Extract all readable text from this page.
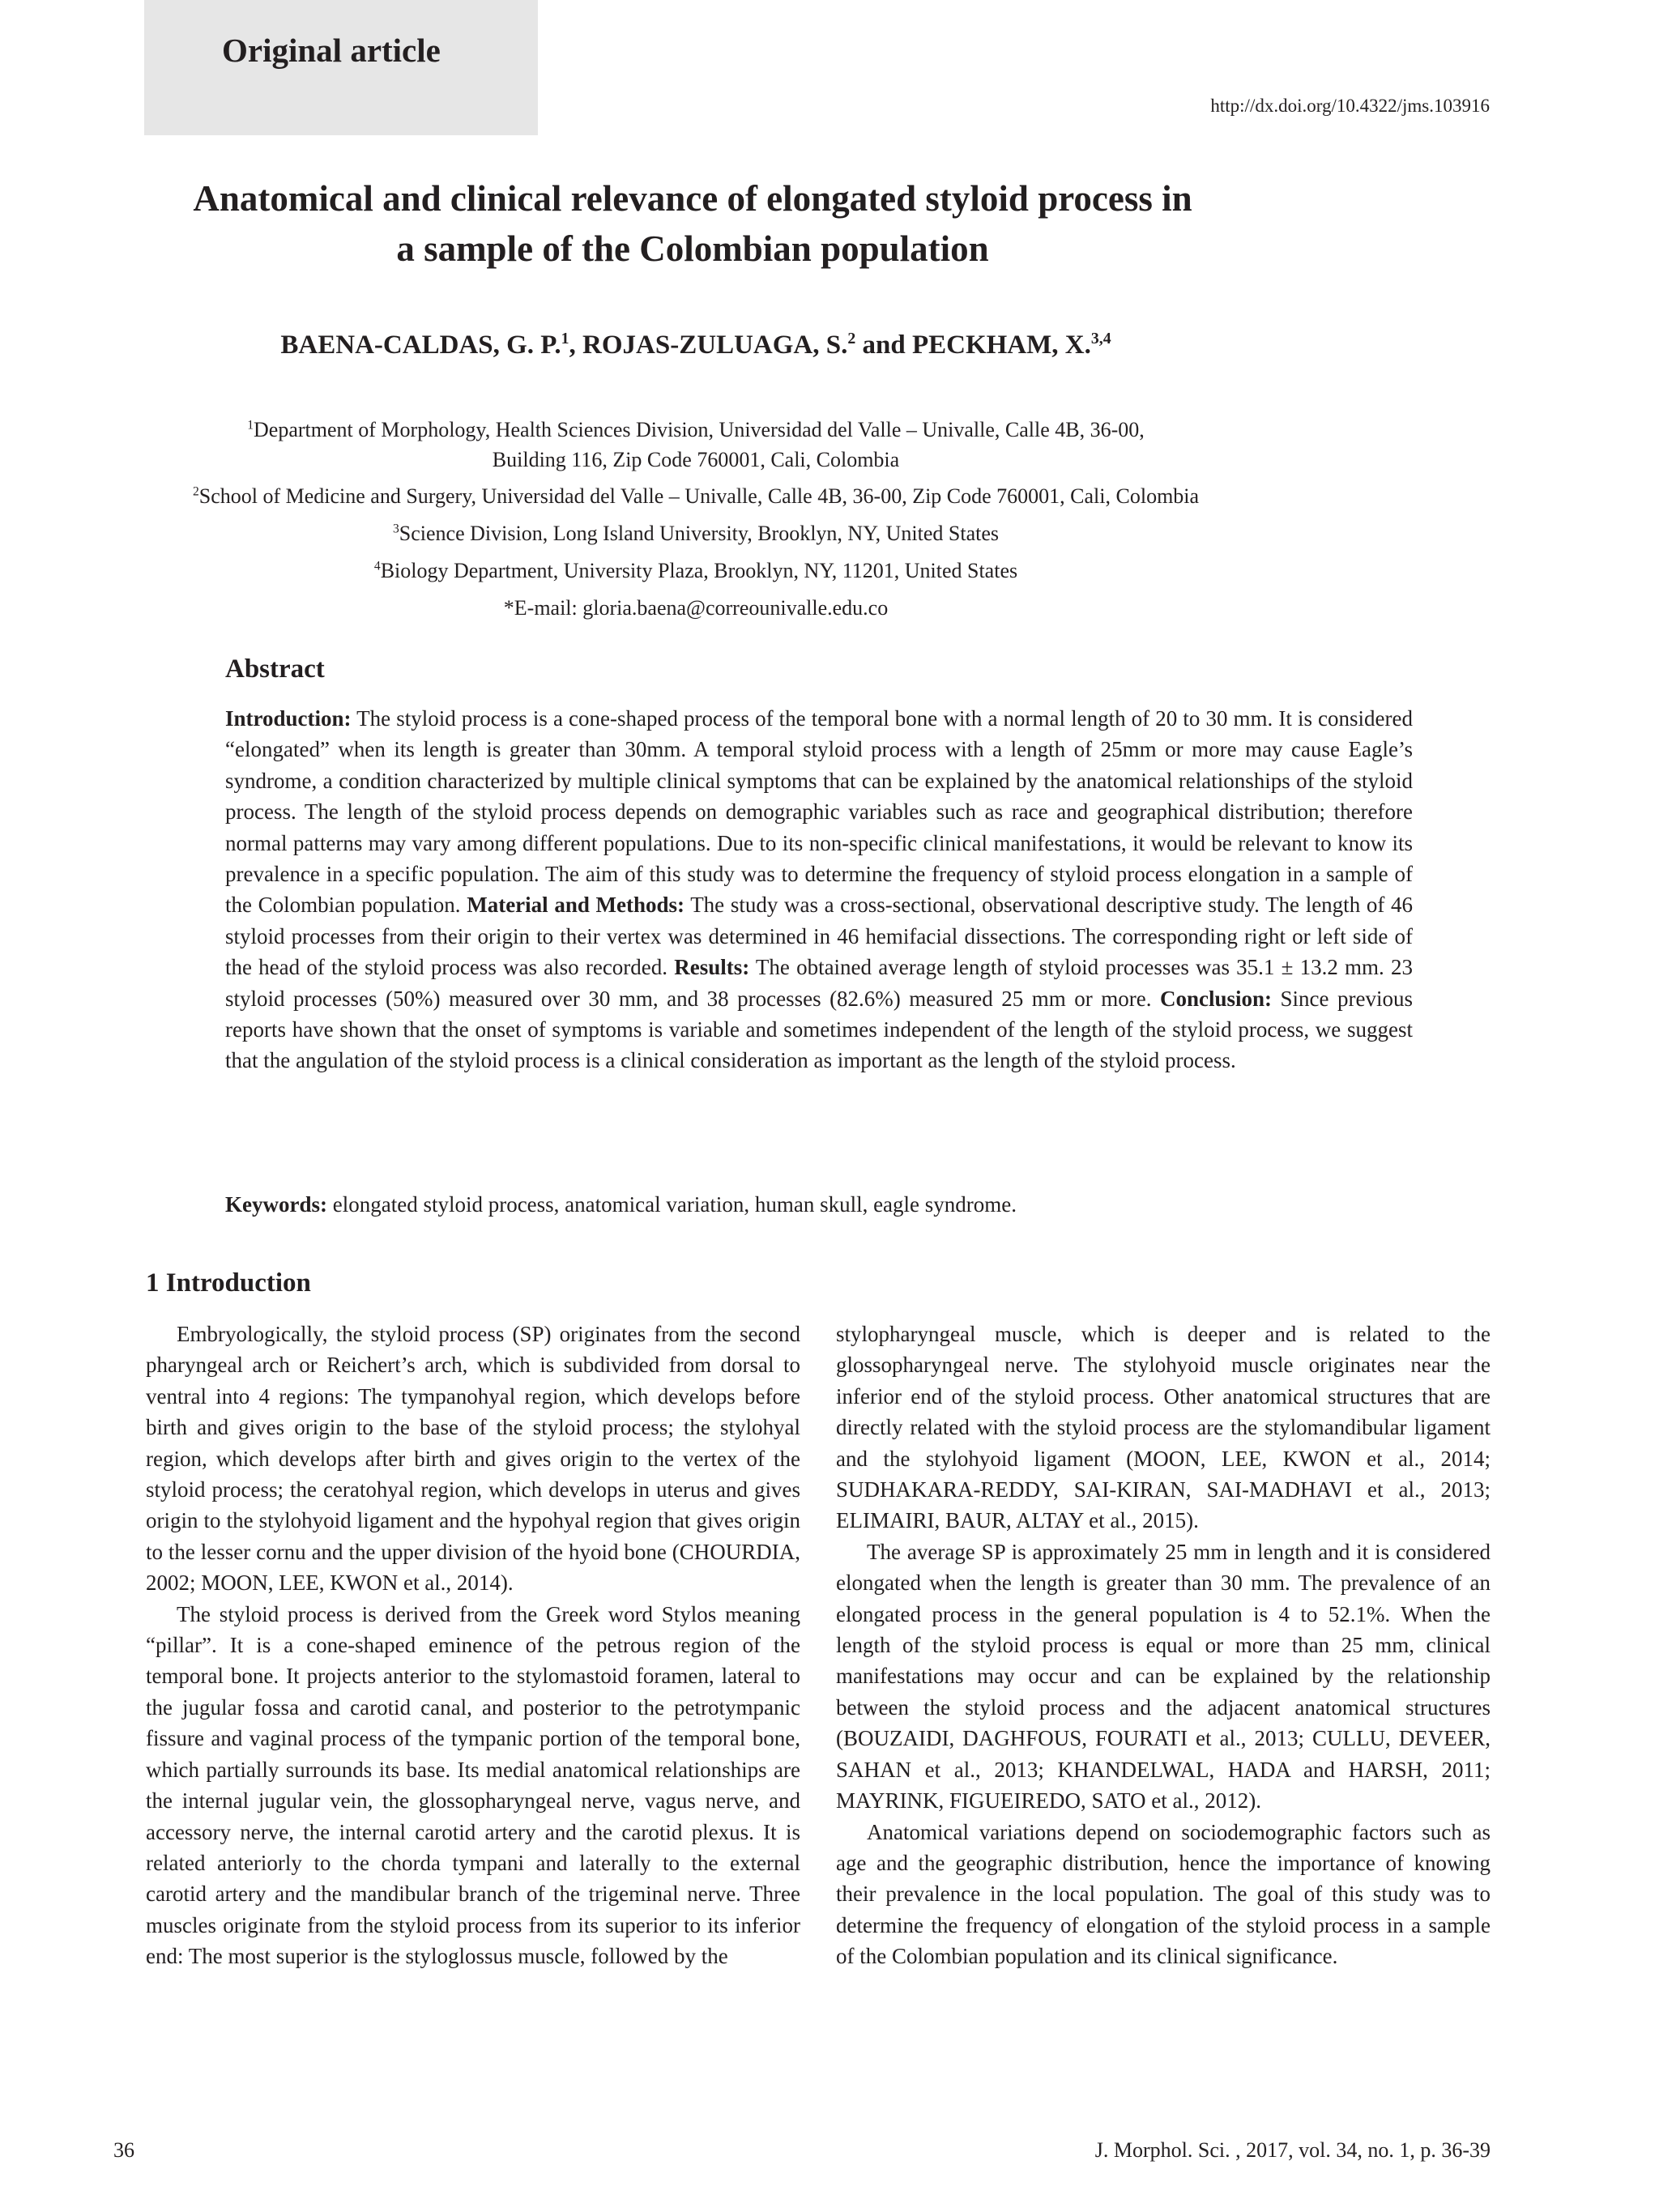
Original article
http://dx.doi.org/10.4322/jms.103916
Anatomical and clinical relevance of elongated styloid process in
a sample of the Colombian population
BAENA-CALDAS, G. P.$^1$, ROJAS-ZULUAGA, S.$^2$ and PECKHAM, X.$^{3,4}$
$^1$Department of Morphology, Health Sciences Division, Universidad del Valle – Univalle, Calle 4B, 36-00,
Building 116, Zip Code 760001, Cali, Colombia
$^2$School of Medicine and Surgery, Universidad del Valle – Univalle, Calle 4B, 36-00, Zip Code 760001, Cali, Colombia
$^3$Science Division, Long Island University, Brooklyn, NY, United States
$^4$Biology Department, University Plaza, Brooklyn, NY, 11201, United States
*E-mail: gloria.baena@correounivalle.edu.co
Abstract

Introduction: The styloid process is a cone-shaped process of the temporal bone with a normal length of 20 to 30 mm. It is considered “elongated” when its length is greater than 30mm. A temporal styloid process with a length of 25mm or more may cause Eagle’s syndrome, a condition characterized by multiple clinical symptoms that can be explained by the anatomical relationships of the styloid process. The length of the styloid process depends on demographic variables such as race and geographical distribution; therefore normal patterns may vary among different populations. Due to its non-specific clinical manifestations, it would be relevant to know its prevalence in a specific population. The aim of this study was to determine the frequency of styloid process elongation in a sample of the Colombian population. Material and Methods: The study was a cross-sectional, observational descriptive study. The length of 46 styloid processes from their origin to their vertex was determined in 46 hemifacial dissections. The corresponding right or left side of the head of the styloid process was also recorded. Results: The obtained average length of styloid processes was 35.1 ± 13.2 mm. 23 styloid processes (50%) measured over 30 mm, and 38 processes (82.6%) measured 25 mm or more. Conclusion: Since previous reports have shown that the onset of symptoms is variable and sometimes independent of the length of the styloid process, we suggest that the angulation of the styloid process is a clinical consideration as important as the length of the styloid process.

Keywords: elongated styloid process, anatomical variation, human skull, eagle syndrome.

1 Introduction

Embryologically, the styloid process (SP) originates from the second pharyngeal arch or Reichert’s arch, which is subdivided from dorsal to ventral into 4 regions: The tympanohyal region, which develops before birth and gives origin to the base of the styloid process; the stylohyal region, which develops after birth and gives origin to the vertex of the styloid process; the ceratohyal region, which develops in uterus and gives origin to the stylohyoid ligament and the hypohyal region that gives origin to the lesser cornu and the upper division of the hyoid bone (CHOURDIA, 2002; MOON, LEE, KWON et al., 2014).

The styloid process is derived from the Greek word Stylos meaning “pillar”. It is a cone-shaped eminence of the petrous region of the temporal bone. It projects anterior to the stylomastoid foramen, lateral to the jugular fossa and carotid canal, and posterior to the petrotympanic fissure and vaginal process of the tympanic portion of the temporal bone, which partially surrounds its base. Its medial anatomical relationships are the internal jugular vein, the glossopharyngeal nerve, vagus nerve, and accessory nerve, the internal carotid artery and the carotid plexus. It is related anteriorly to the chorda tympani and laterally to the external carotid artery and the mandibular branch of the trigeminal nerve. Three muscles originate from the styloid process from its superior to its inferior end: The most superior is the styloglossus muscle, followed by the

stylopharyngeal muscle, which is deeper and is related to the glossopharyngeal nerve. The stylohyoid muscle originates near the inferior end of the styloid process. Other anatomical structures that are directly related with the styloid process are the stylomandibular ligament and the stylohyoid ligament (MOON, LEE, KWON et al., 2014; SUDHAKARA-REDDY, SAI-KIRAN, SAI-MADHAVI et al., 2013; ELIMAIRI, BAUR, ALTAY et al., 2015).

The average SP is approximately 25 mm in length and it is considered elongated when the length is greater than 30 mm. The prevalence of an elongated process in the general population is 4 to 52.1%. When the length of the styloid process is equal or more than 25 mm, clinical manifestations may occur and can be explained by the relationship between the styloid process and the adjacent anatomical structures (BOUZAIDI, DAGHFOUS, FOURATI et al., 2013; CULLU, DEVEER, SAHAN et al., 2013; KHANDELWAL, HADA and HARSH, 2011; MAYRINK, FIGUEIREDO, SATO et al., 2012).

Anatomical variations depend on sociodemographic factors such as age and the geographic distribution, hence the importance of knowing their prevalence in the local population. The goal of this study was to determine the frequency of elongation of the styloid process in a sample of the Colombian population and its clinical significance.

36	J. Morphol. Sci. , 2017, vol. 34, no. 1, p. 36-39
